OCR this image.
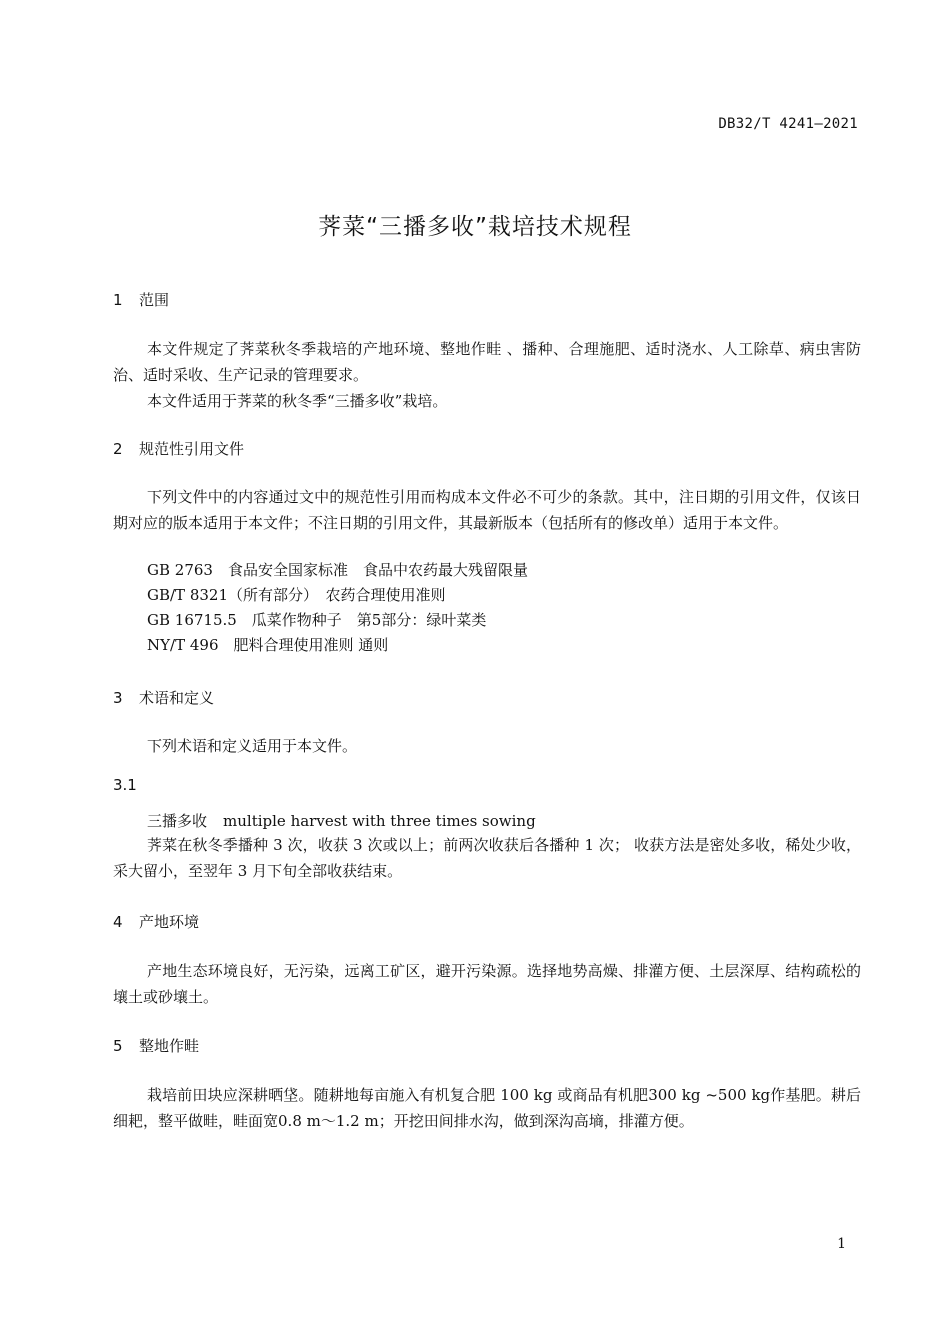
DB32/T 4241—2021
荠菜“三播多收”栽培技术规程
1 范围

本文件规定了荠菜秋冬季栽培的产地环境、整地作畦 、播种、合理施肥、适时浇水、人工除草、病虫害防治、适时采收、生产记录的管理要求。

本文件适用于荠菜的秋冬季“三播多收”栽培。

2 规范性引用文件

下列文件中的内容通过文中的规范性引用而构成本文件必不可少的条款。其中，注日期的引用文件，仅该日期对应的版本适用于本文件；不注日期的引用文件，其最新版本（包括所有的修改单）适用于本文件。

GB 2763　食品安全国家标准　食品中农药最大残留限量
GB/T 8321（所有部分）　农药合理使用准则
GB 16715.5　瓜菜作物种子　第5部分：绿叶菜类
NY/T 496　肥料合理使用准则 通则
3 术语和定义

下列术语和定义适用于本文件。

3.1
三播多收 multiple harvest with three times sowing

荠菜在秋冬季播种 3 次，收获 3 次或以上；前两次收获后各播种 1 次； 收获方法是密处多收，稀处少收，采大留小，至翌年 3 月下旬全部收获结束。

4 产地环境

产地生态环境良好，无污染，远离工矿区，避开污染源。选择地势高燥、排灌方便、土层深厚、结构疏松的壤土或砂壤土。

5 整地作畦

栽培前田块应深耕晒垡。随耕地每亩施入有机复合肥 100 kg 或商品有机肥300 kg ~500 kg作基肥。耕后细耙，整平做畦，畦面宽0.8 m～1.2 m；开挖田间排水沟，做到深沟高墒，排灌方便。

1
